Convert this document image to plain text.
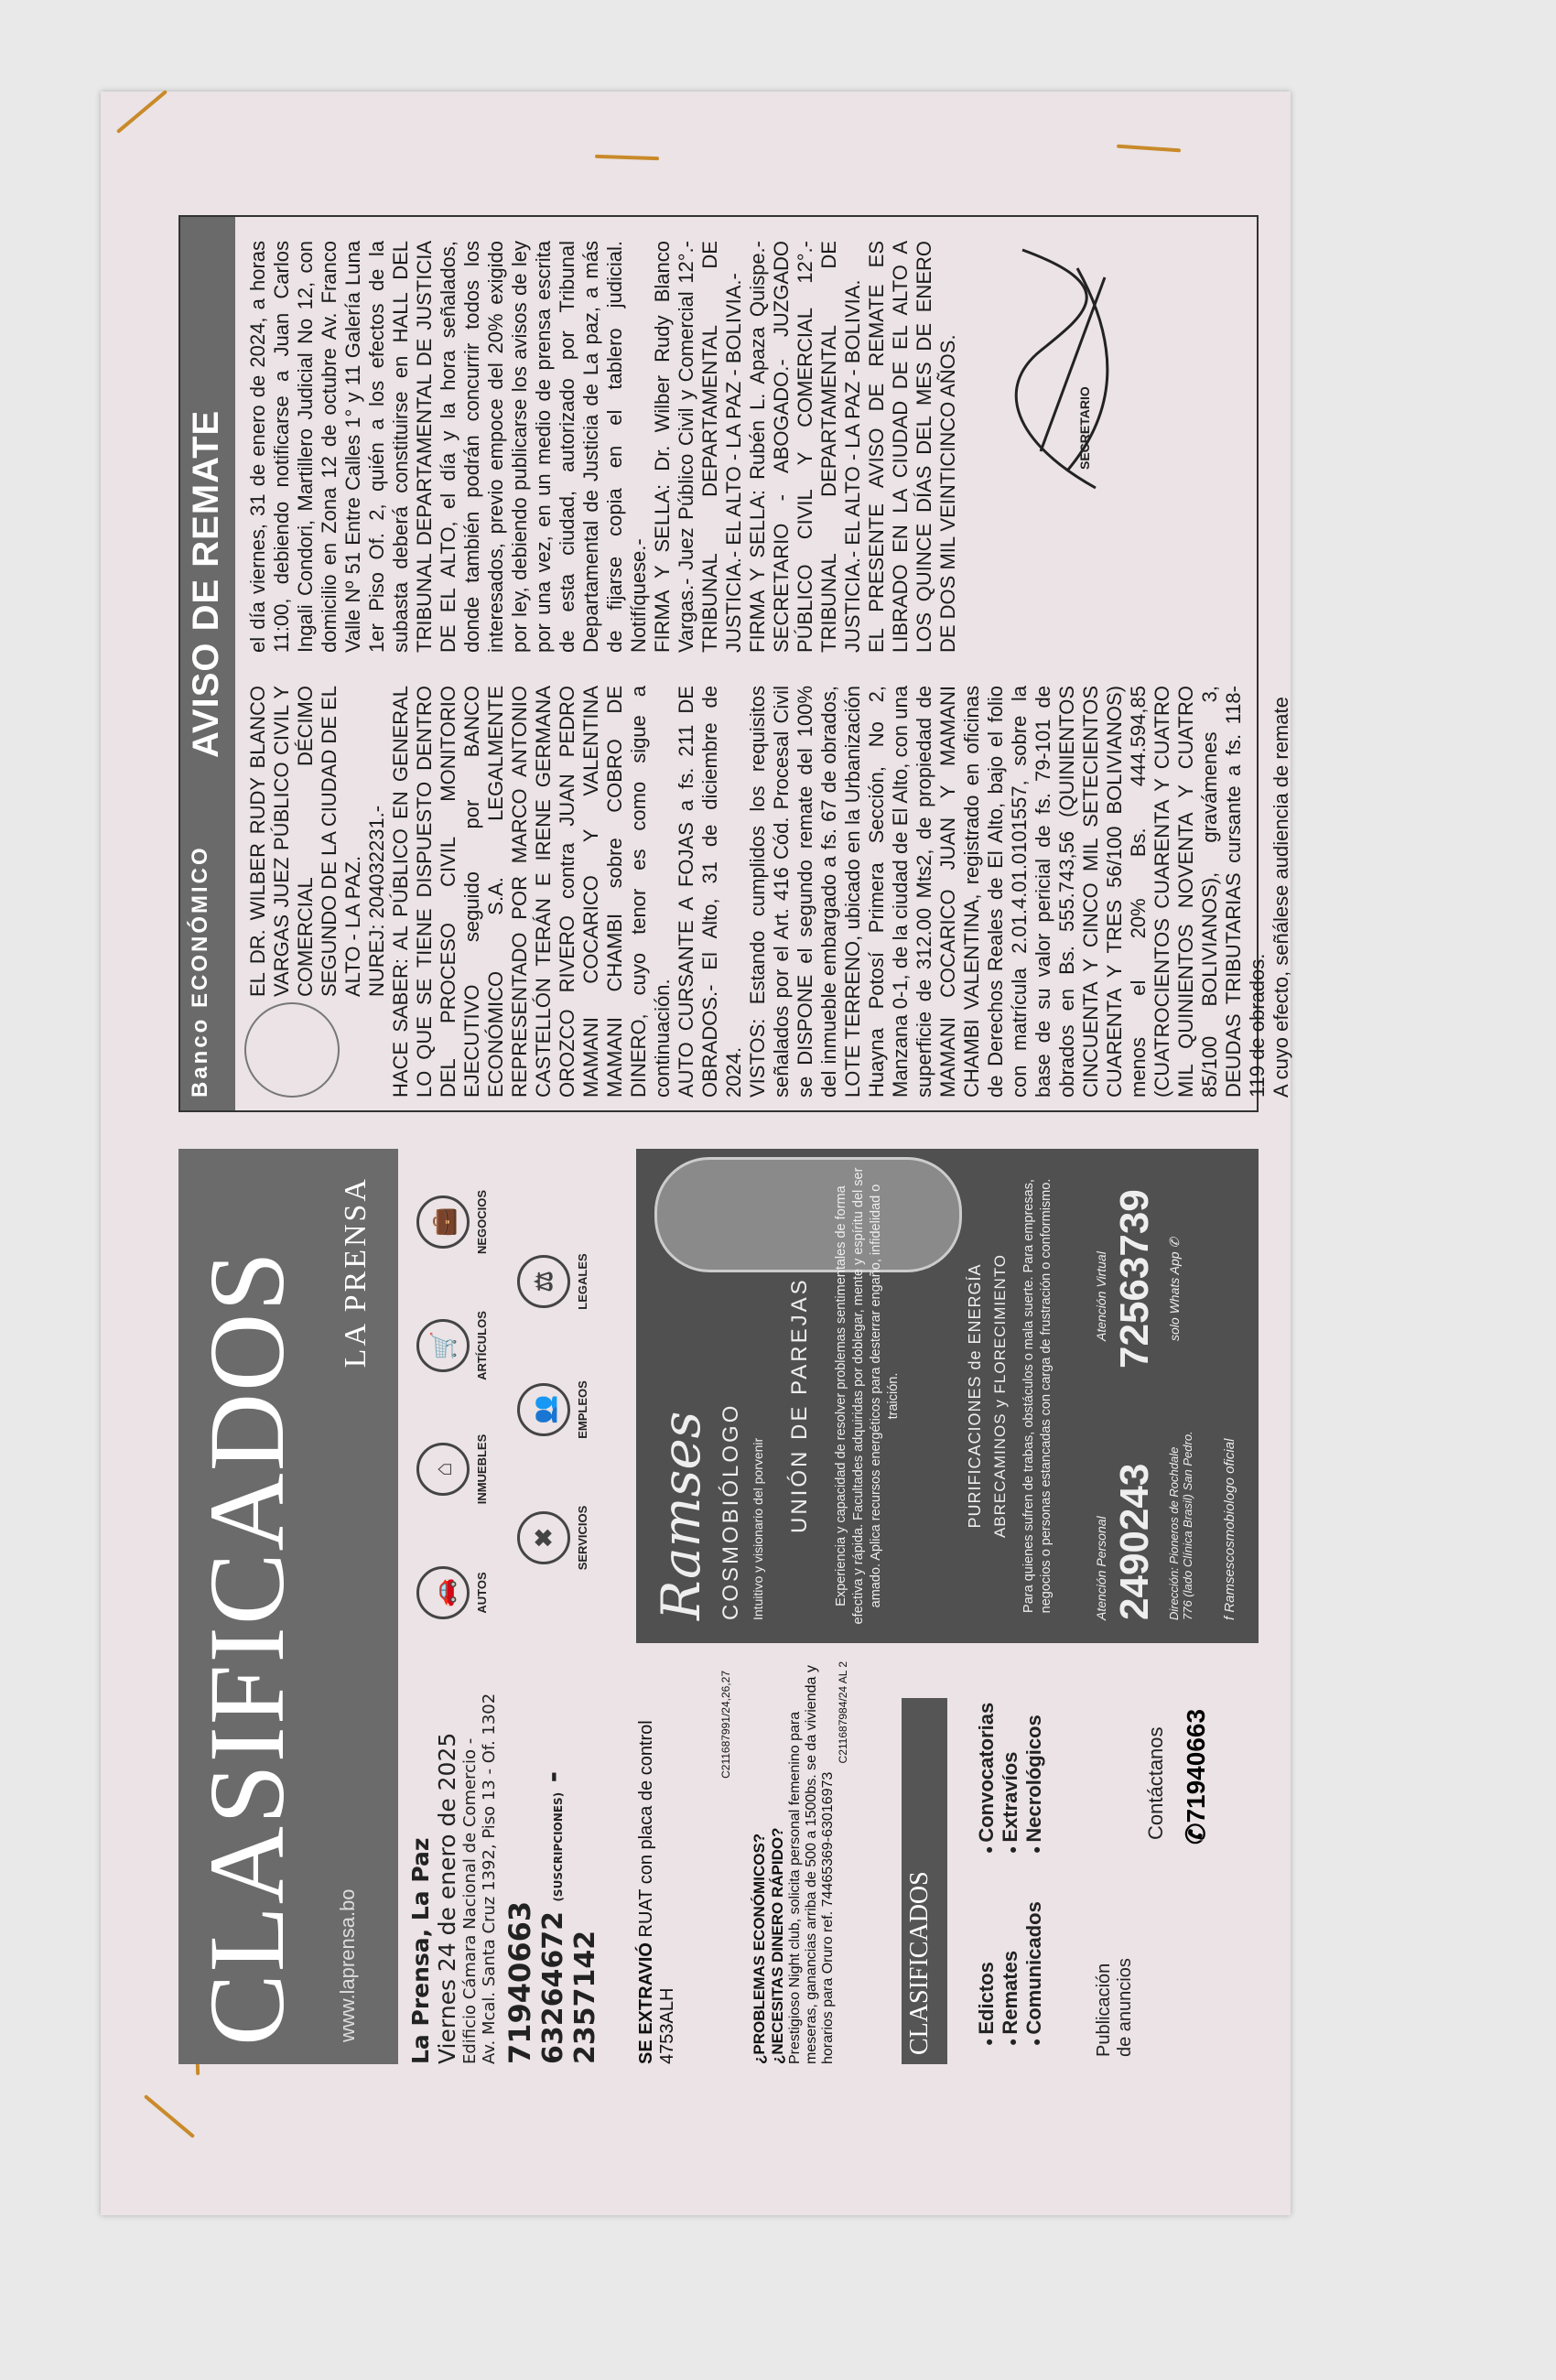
CLASIFICADOS	www.laprensa.bo
LA PRENSA
La Prensa, La Paz Viernes 24 de enero de 2025 Edificio Cámara Nacional de Comercio - Av. Mcal. Santa Cruz 1392, Piso 13 - Of. 1302 71940663 63264672 (SUSCRIPCIONES) - 2357142
🚗	AUTOS
⌂	INMUEBLES
🛒	ARTÍCULOS
💼	NEGOCIOS
✖	SERVICIOS
👥	EMPLEOS
⚖	LEGALES
SE EXTRAVIÓ RUAT con placa de control 4753ALH
C211687991/24,26,27
¿PROBLEMAS ECONÓMICOS? ¿NECESITAS DINERO RÁPIDO? Prestigioso Night club, solicita personal femenino para meseras, ganancias arriba de 500 a 1500bs. se da vivienda y horarios para Oruro ref. 74465369-63016973
C211687984/24 AL 2
CLASIFICADOS	● Edictos ● Remates ● Comunicados
● Convocatorias ● Extravíos ● Necrológicos
Publicación de anuncios
Contáctanos ✆71940663
Ramses COSMOBIÓLOGO Intuitivo y visionario del porvenir UNIÓN DE PAREJAS Experiencia y capacidad de resolver problemas sentimentales de forma efectiva y rápida. Facultades adquiridas por doblegar, mente y espíritu del ser amado. Aplica recursos energéticos para desterrar engaño, infidelidad o traición.	PURIFICACIONES de ENERGÍA ABRECAMINOS y FLORECIMIENTO Para quienes sufren de trabas, obstáculos o mala suerte. Para empresas, negocios o personas estancadas con carga de frustración o conformismo.	Atención Personal 2490243
Atención Virtual 72563739
Dirección: Pioneros de Rochdale 776 (lado Clínica Brasil) San Pedro.
solo Whats App ✆
f Ramsescosmobiologo oficial
Banco ECONÓMICO
AVISO DE REMATE

EL DR. WILBER RUDY BLANCO VARGAS JUEZ PÚBLICO CIVIL Y COMERCIAL DÉCIMO SEGUNDO DE LA CIUDAD DE EL ALTO - LA PAZ. NUREJ: 204032231.- HACE SABER: AL PÚBLICO EN GENERAL LO QUE SE TIENE DISPUESTO DENTRO DEL PROCESO CIVIL MONITORIO EJECUTIVO seguido por BANCO ECONÓMICO S.A. LEGALMENTE REPRESENTADO POR MARCO ANTONIO CASTELLÓN TERÁN E IRENE GERMANA OROZCO RIVERO contra JUAN PEDRO MAMANI COCARICO Y VALENTINA MAMANI CHAMBI sobre COBRO DE DINERO, cuyo tenor es como sigue a continuación. AUTO CURSANTE A FOJAS a fs. 211 DE OBRADOS.- El Alto, 31 de diciembre de 2024. VISTOS: Estando cumplidos los requisitos señalados por el Art. 416 Cód. Procesal Civil se DISPONE el segundo remate del 100% del inmueble embargado a fs. 67 de obrados, LOTE TERRENO, ubicado en la Urbanización Huayna Potosí Primera Sección, No 2, Manzana 0-1, de la ciudad de El Alto, con una superficie de 312.00 Mts2, de propiedad de MAMANI COCARICO JUAN Y MAMANI CHAMBI VALENTINA, registrado en oficinas de Derechos Reales de El Alto, bajo el folio con matrícula 2.01.4.01.0101557, sobre la base de su valor pericial de fs. 79-101 de obrados en Bs. 555.743,56 (QUINIENTOS CINCUENTA Y CINCO MIL SETECIENTOS CUARENTA Y TRES 56/100 BOLIVIANOS) menos el 20% Bs. 444.594,85 (CUATROCIENTOS CUARENTA Y CUATRO MIL QUINIENTOS NOVENTA Y CUATRO 85/100 BOLIVIANOS), gravámenes 3, DEUDAS TRIBUTARIAS cursante a fs. 118-119 de obrados. A cuyo efecto, señálese audiencia de remate

el día viernes, 31 de enero de 2024, a horas 11:00, debiendo notificarse a Juan Carlos Ingali Condori, Martillero Judicial No 12, con domicilio en Zona 12 de octubre Av. Franco Valle Nº 51 Entre Calles 1° y 11 Galería Luna 1er Piso Of. 2, quién a los efectos de la subasta deberá constituirse en HALL DEL TRIBUNAL DEPARTAMENTAL DE JUSTICIA DE EL ALTO, el día y la hora señalados, donde también podrán concurrir todos los interesados, previo empoce del 20% exigido por ley, debiendo publicarse los avisos de ley por una vez, en un medio de prensa escrita de esta ciudad, autorizado por Tribunal Departamental de Justicia de La paz, a más de fijarse copia en el tablero judicial. Notifíquese.- FIRMA Y SELLA: Dr. Wilber Rudy Blanco Vargas.- Juez Público Civil y Comercial 12°.- TRIBUNAL DEPARTAMENTAL DE JUSTICIA.- EL ALTO - LA PAZ - BOLIVIA.- FIRMA Y SELLA: Rubén L. Apaza Quispe.- SECRETARIO - ABOGADO.- JUZGADO PÚBLICO CIVIL Y COMERCIAL 12°.- TRIBUNAL DEPARTAMENTAL DE JUSTICIA.- EL ALTO - LA PAZ - BOLIVIA. EL PRESENTE AVISO DE REMATE ES LIBRADO EN LA CIUDAD DE EL ALTO A LOS QUINCE DÍAS DEL MES DE ENERO DE DOS MIL VEINTICINCO AÑOS.	SECRETARIO
